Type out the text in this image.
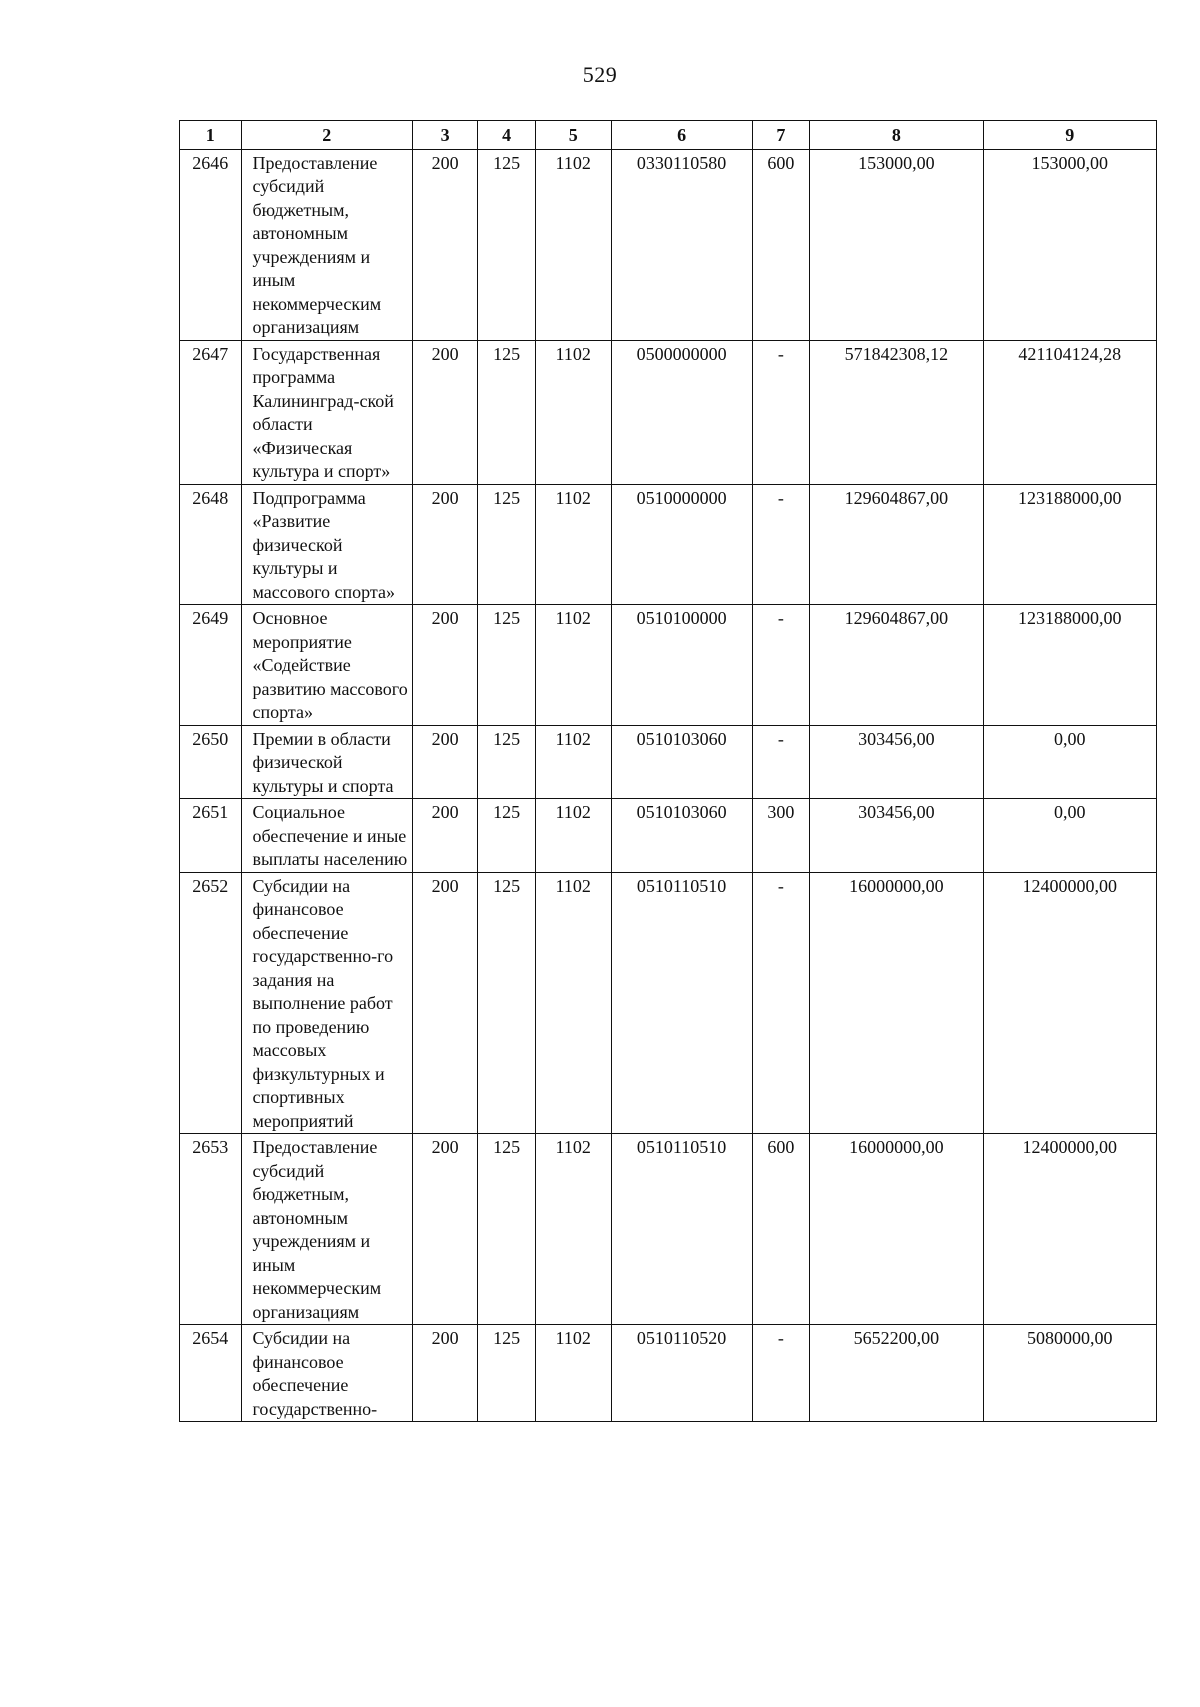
529
1	2	3	4	5	6	7	8	9
2646	Предоставление субсидий бюджетным, автономным учреждениям и иным некоммерческим организациям	200	125	1102	0330110580	600	153000,00	153000,00
2647	Государственная программа Калининград-ской области «Физическая культура и спорт»	200	125	1102	0500000000	-	571842308,12	421104124,28
2648	Подпрограмма «Развитие физической культуры и массового спорта»	200	125	1102	0510000000	-	129604867,00	123188000,00
2649	Основное мероприятие «Содействие развитию массового спорта»	200	125	1102	0510100000	-	129604867,00	123188000,00
2650	Премии в области физической культуры и спорта	200	125	1102	0510103060	-	303456,00	0,00
2651	Социальное обеспечение и иные выплаты населению	200	125	1102	0510103060	300	303456,00	0,00
2652	Субсидии на финансовое обеспечение государственно-го задания на выполнение работ по проведению массовых физкультурных и спортивных мероприятий	200	125	1102	0510110510	-	16000000,00	12400000,00
2653	Предоставление субсидий бюджетным, автономным учреждениям и иным некоммерческим организациям	200	125	1102	0510110510	600	16000000,00	12400000,00
2654	Субсидии на финансовое обеспечение государственно-	200	125	1102	0510110520	-	5652200,00	5080000,00
